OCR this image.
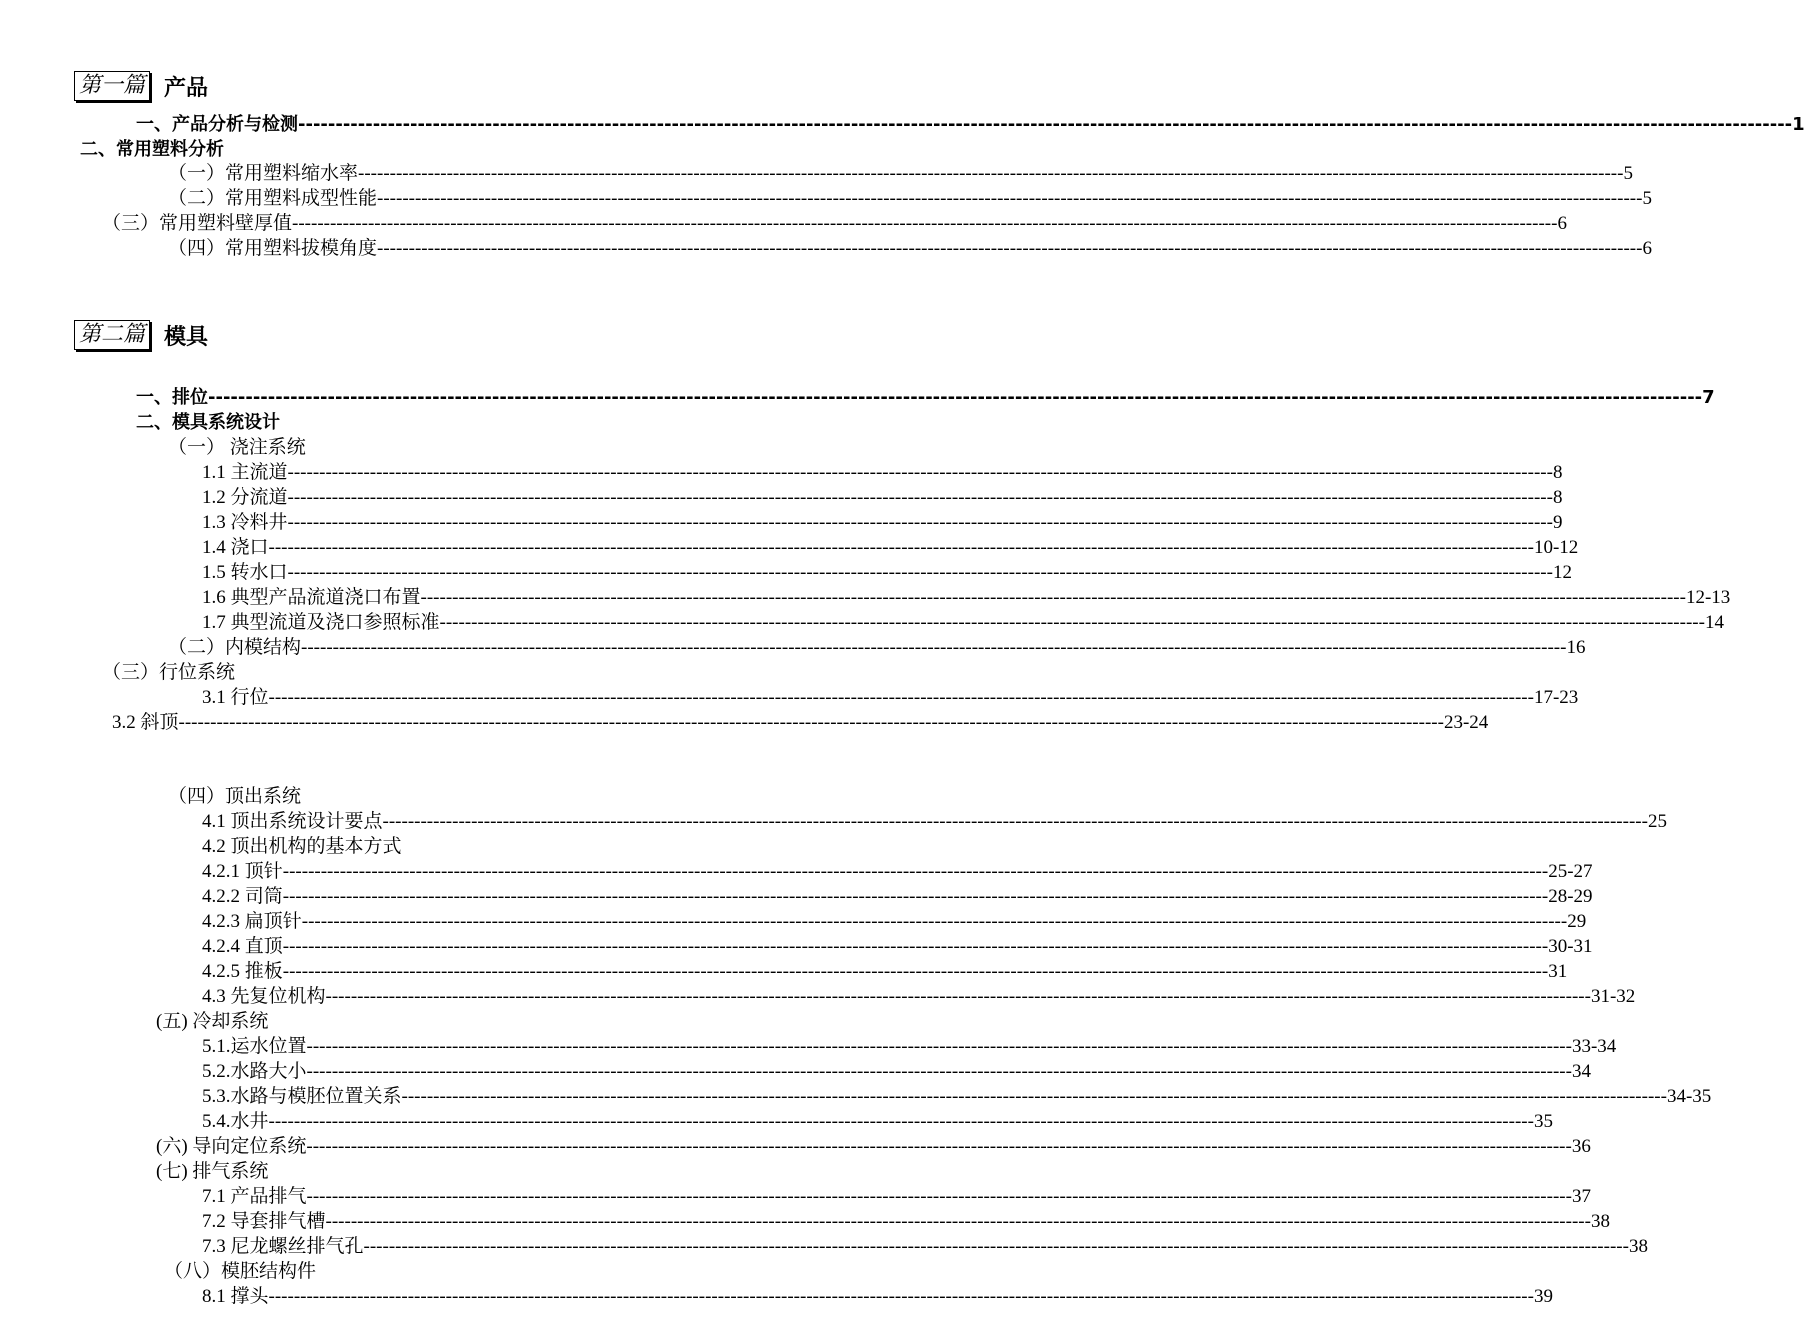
第一篇 产品
第二篇 模具
一、产品分析与检测 -------------------------------------------------------------------------------------------------------------------------------------------------------------------------------------------------------- 1
二、常用塑料分析
（一）常用塑料缩水率 -------------------------------------------------------------------------------------------------------------------------------------------------------------------------------------------------------- 5
（二）常用塑料成型性能 -------------------------------------------------------------------------------------------------------------------------------------------------------------------------------------------------------- 5
（三）常用塑料壁厚值 -------------------------------------------------------------------------------------------------------------------------------------------------------------------------------------------------------- 6
（四）常用塑料拔模角度 -------------------------------------------------------------------------------------------------------------------------------------------------------------------------------------------------------- 6
一、排位 -------------------------------------------------------------------------------------------------------------------------------------------------------------------------------------------------------- 7
二、模具系统设计
（一） 浇注系统
1.1 主流道 -------------------------------------------------------------------------------------------------------------------------------------------------------------------------------------------------------- 8
1.2 分流道 -------------------------------------------------------------------------------------------------------------------------------------------------------------------------------------------------------- 8
1.3 冷料井 -------------------------------------------------------------------------------------------------------------------------------------------------------------------------------------------------------- 9
1.4 浇口 -------------------------------------------------------------------------------------------------------------------------------------------------------------------------------------------------------- 10-12
1.5 转水口 -------------------------------------------------------------------------------------------------------------------------------------------------------------------------------------------------------- 12
1.6 典型产品流道浇口布置 -------------------------------------------------------------------------------------------------------------------------------------------------------------------------------------------------------- 12-13
1.7 典型流道及浇口参照标准 -------------------------------------------------------------------------------------------------------------------------------------------------------------------------------------------------------- 14
（二）内模结构 -------------------------------------------------------------------------------------------------------------------------------------------------------------------------------------------------------- 16
（三）行位系统
3.1 行位 -------------------------------------------------------------------------------------------------------------------------------------------------------------------------------------------------------- 17-23
3.2 斜顶 -------------------------------------------------------------------------------------------------------------------------------------------------------------------------------------------------------- 23-24
（四）顶出系统
4.1 顶出系统设计要点 -------------------------------------------------------------------------------------------------------------------------------------------------------------------------------------------------------- 25
4.2 顶出机构的基本方式
4.2.1 顶针 -------------------------------------------------------------------------------------------------------------------------------------------------------------------------------------------------------- 25-27
4.2.2 司筒 -------------------------------------------------------------------------------------------------------------------------------------------------------------------------------------------------------- 28-29
4.2.3 扁顶针 -------------------------------------------------------------------------------------------------------------------------------------------------------------------------------------------------------- 29
4.2.4 直顶 -------------------------------------------------------------------------------------------------------------------------------------------------------------------------------------------------------- 30-31
4.2.5 推板 -------------------------------------------------------------------------------------------------------------------------------------------------------------------------------------------------------- 31
4.3 先复位机构 -------------------------------------------------------------------------------------------------------------------------------------------------------------------------------------------------------- 31-32
(五) 冷却系统
5.1.运水位置 -------------------------------------------------------------------------------------------------------------------------------------------------------------------------------------------------------- 33-34
5.2.水路大小 -------------------------------------------------------------------------------------------------------------------------------------------------------------------------------------------------------- 34
5.3.水路与模胚位置关系 -------------------------------------------------------------------------------------------------------------------------------------------------------------------------------------------------------- 34-35
5.4.水井 -------------------------------------------------------------------------------------------------------------------------------------------------------------------------------------------------------- 35
(六) 导向定位系统 -------------------------------------------------------------------------------------------------------------------------------------------------------------------------------------------------------- 36
(七) 排气系统
7.1 产品排气 -------------------------------------------------------------------------------------------------------------------------------------------------------------------------------------------------------- 37
7.2 导套排气槽 -------------------------------------------------------------------------------------------------------------------------------------------------------------------------------------------------------- 38
7.3 尼龙螺丝排气孔 -------------------------------------------------------------------------------------------------------------------------------------------------------------------------------------------------------- 38
（八）模胚结构件
8.1 撑头 -------------------------------------------------------------------------------------------------------------------------------------------------------------------------------------------------------- 39
